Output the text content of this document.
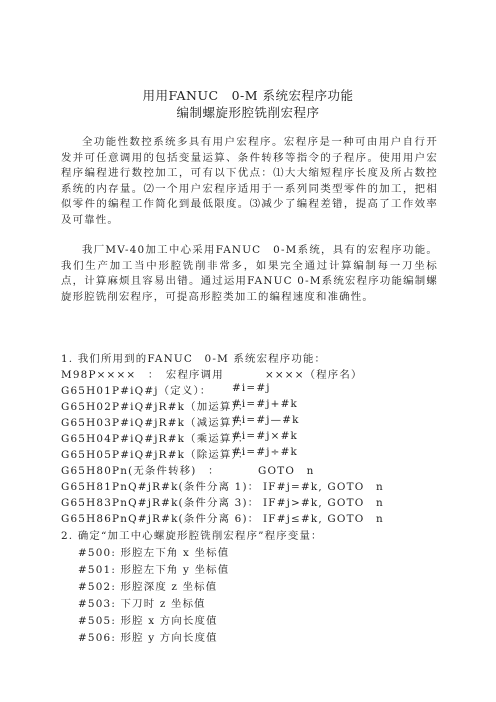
用用FANUC　0-M 系统宏程序功能
编制螺旋形腔铣削宏程序
全功能性数控系统多具有用户宏程序。宏程序是一种可由用户自行开发并可任意调用的包括变量运算、条件转移等指令的子程序。使用用户宏程序编程进行数控加工，可有以下优点：⑴大大缩短程序长度及所占数控系统的内存量。⑵一个用户宏程序适用于一系列同类型零件的加工，把相似零件的编程工作简化到最低限度。⑶减少了编程差错，提高了工作效率及可靠性。
我厂MV-40加工中心采用FANUC　0-M系统，具有的宏程序功能。我们生产加工当中形腔铣削非常多，如果完全通过计算编制每一刀坐标点，计算麻烦且容易出错。通过运用FANUC 0-M系统宏程序功能编制螺旋形腔铣削宏程序，可提高形腔类加工的编程速度和准确性。
1. 我们所用到的FANUC　0-M 系统宏程序功能：
M98P××××　：　宏程序调用	××××（程序名）
G65H01P#iQ#j（定义）： #i=#j
G65H02P#iQ#jR#k（加运算）：
#i=#j+#k
G65H03P#iQ#jR#k（减运算）：
#i=#j—#k
G65H04P#iQ#jR#k（乘运算）：
#i=#j×#k
G65H05P#iQ#jR#k（除运算）：
#i=#j÷#k
G65H80Pn(无条件转移)　：	GOTO　n
G65H81PnQ#jR#k(条件分离 1)： IF#j=#k, GOTO　n
G65H83PnQ#jR#k(条件分离 3)： IF#j>#k, GOTO　n
G65H86PnQ#jR#k(条件分离 6)： IF#j≤#k, GOTO　n
2. 确定“加工中心螺旋形腔铣削宏程序”程序变量：
#500: 形腔左下角 x 坐标值
#501: 形腔左下角 y 坐标值
#502: 形腔深度 z 坐标值
#503: 下刀时 z 坐标值
#505: 形腔 x 方向长度值
#506: 形腔 y 方向长度值
